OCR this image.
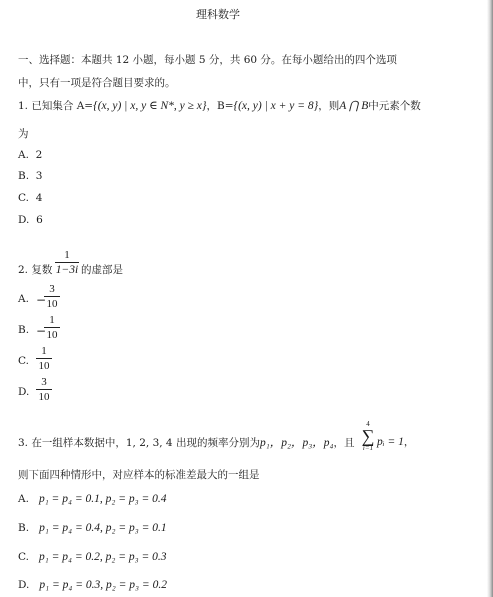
理科数学
一、选择题：本题共 12 小题，每小题 5 分，共 60 分。在每小题给出的四个选项
中，只有一项是符合题目要求的。
1. 已知集合 A={(x, y) | x, y ∈ N*, y ≥ x}，B={(x, y) | x + y = 8}，则A ⋂ B中元素个数
为
A. 2
B. 3
C. 4
D. 6
2. 复数
1
1−3i 的虚部是
A. −
3
10
B. −
1
10
C.
1
10
D.
3
10
3. 在一组样本数据中，1, 2, 3, 4 出现的频率分别为p₁，p₂，p₃，p₄，且
4
∑
i=1 pᵢ = 1，
则下面四种情形中，对应样本的标准差最大的一组是
A. p₁ = p₄ = 0.1, p₂ = p₃ = 0.4
B. p₁ = p₄ = 0.4, p₂ = p₃ = 0.1
C. p₁ = p₄ = 0.2, p₂ = p₃ = 0.3
D. p₁ = p₄ = 0.3, p₂ = p₃ = 0.2
